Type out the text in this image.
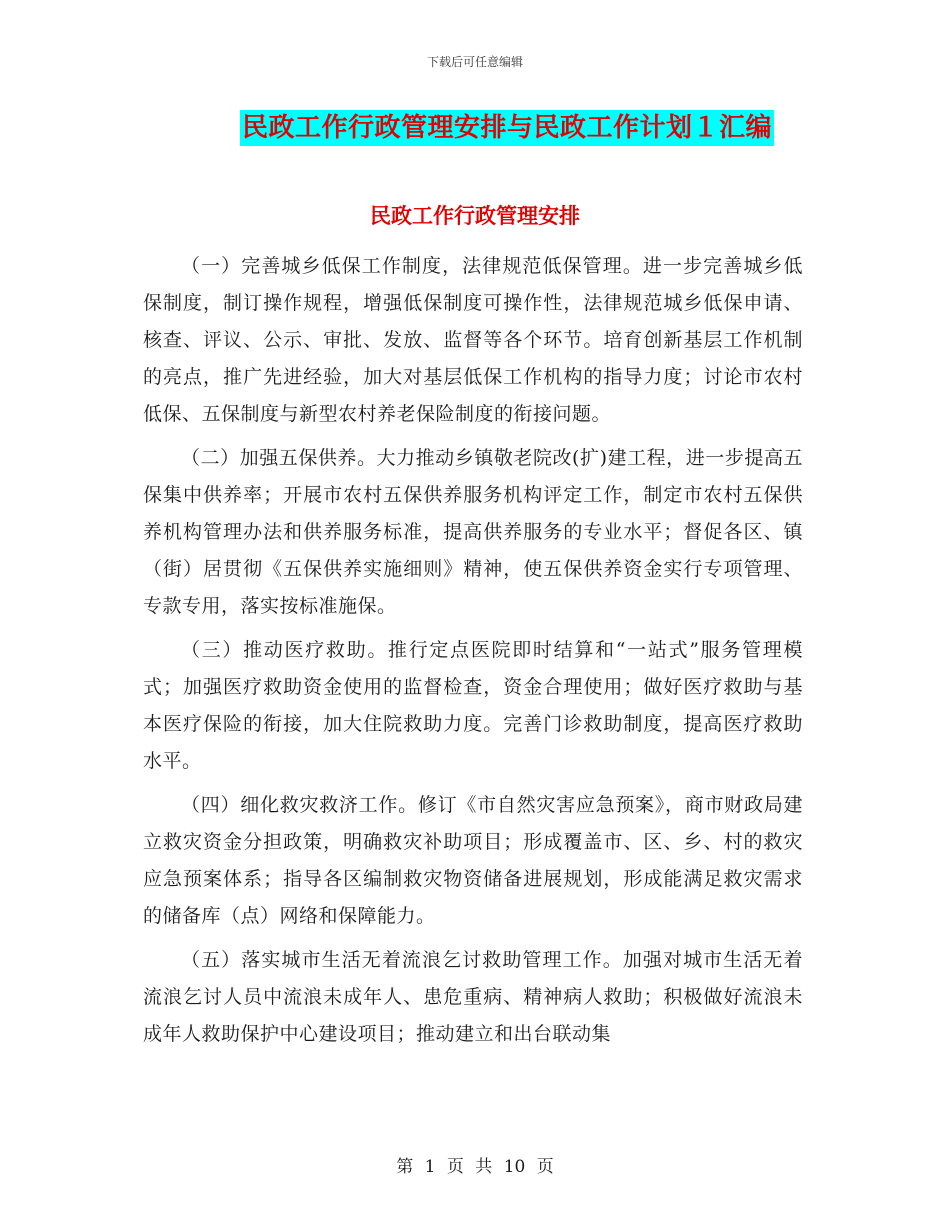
下载后可任意编辑
民政工作行政管理安排与民政工作计划１汇编
民政工作行政管理安排

（一）完善城乡低保工作制度，法律规范低保管理。进一步完善城乡低保制度，制订操作规程，增强低保制度可操作性，法律规范城乡低保申请、核查、评议、公示、审批、发放、监督等各个环节。培育创新基层工作机制的亮点，推广先进经验，加大对基层低保工作机构的指导力度；讨论市农村低保、五保制度与新型农村养老保险制度的衔接问题。

（二）加强五保供养。大力推动乡镇敬老院改(扩)建工程，进一步提高五保集中供养率；开展市农村五保供养服务机构评定工作，制定市农村五保供养机构管理办法和供养服务标准，提高供养服务的专业水平；督促各区、镇（街）居贯彻《五保供养实施细则》精神，使五保供养资金实行专项管理、专款专用，落实按标准施保。

（三）推动医疗救助。推行定点医院即时结算和“一站式”服务管理模式；加强医疗救助资金使用的监督检查，资金合理使用；做好医疗救助与基本医疗保险的衔接，加大住院救助力度。完善门诊救助制度，提高医疗救助水平。

（四）细化救灾救济工作。修订《市自然灾害应急预案》，商市财政局建立救灾资金分担政策，明确救灾补助项目；形成覆盖市、区、乡、村的救灾应急预案体系；指导各区编制救灾物资储备进展规划，形成能满足救灾需求的储备库（点）网络和保障能力。

（五）落实城市生活无着流浪乞讨救助管理工作。加强对城市生活无着流浪乞讨人员中流浪未成年人、患危重病、精神病人救助；积极做好流浪未成年人救助保护中心建设项目；推动建立和出台联动集

第 1 页 共 10 页
